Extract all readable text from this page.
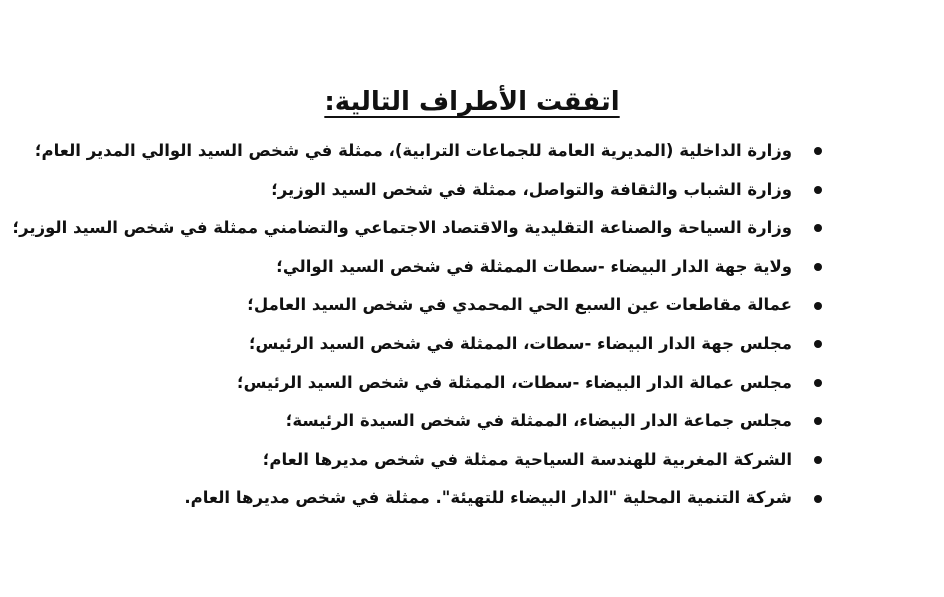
اتفقت الأطراف التالية:
وزارة الداخلية (المديرية العامة للجماعات الترابية)، ممثلة في شخص السيد الوالي المدير العام؛
وزارة الشباب والثقافة والتواصل، ممثلة في شخص السيد الوزير؛
وزارة السياحة والصناعة التقليدية والاقتصاد الاجتماعي والتضامني ممثلة في شخص السيد الوزير؛
ولاية جهة الدار البيضاء -سطات الممثلة في شخص السيد الوالي؛
عمالة مقاطعات عين السبع الحي المحمدي في شخص السيد العامل؛
مجلس جهة الدار البيضاء -سطات، الممثلة في شخص السيد الرئيس؛
مجلس عمالة الدار البيضاء -سطات، الممثلة في شخص السيد الرئيس؛
مجلس جماعة الدار البيضاء، الممثلة في شخص السيدة الرئيسة؛
الشركة المغربية للهندسة السياحية ممثلة في شخص مديرها العام؛
شركة التنمية المحلية "الدار البيضاء للتهيئة". ممثلة في شخص مديرها العام.
